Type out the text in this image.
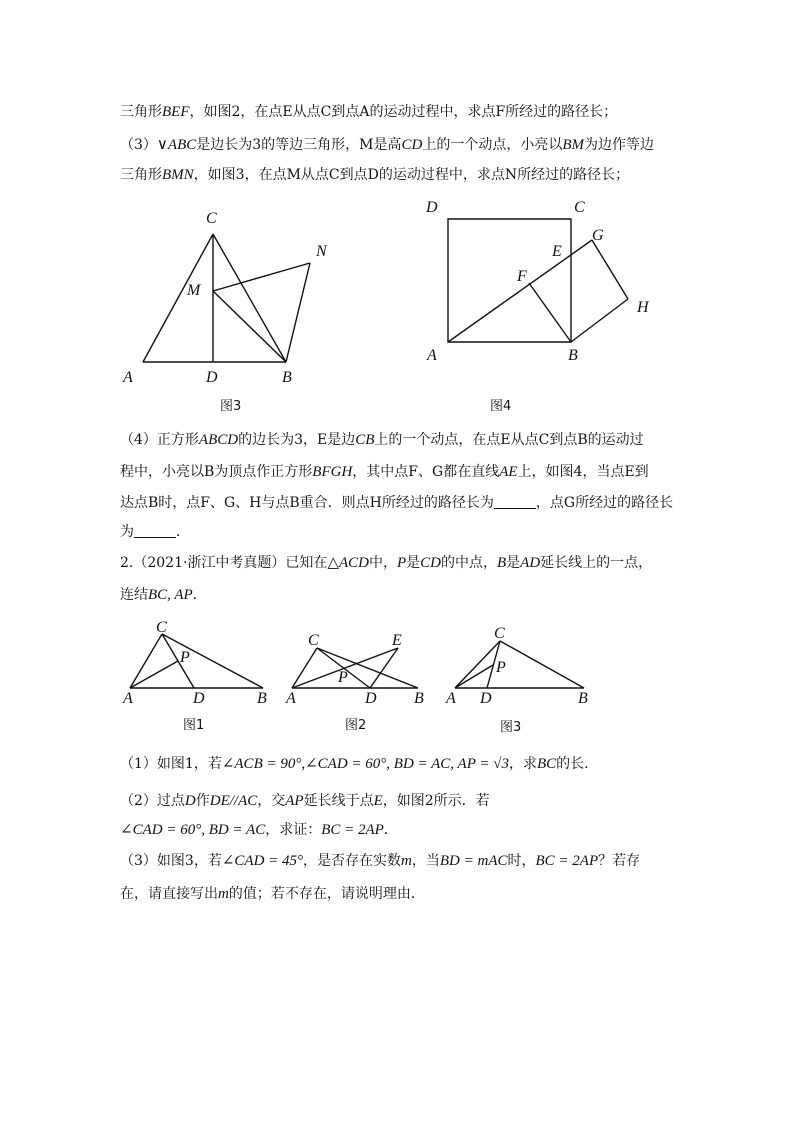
三角形BEF，如图2，在点E从点C到点A的运动过程中，求点F所经过的路径长；
（3）∨ABC是边长为3的等边三角形，M是高CD上的一个动点，小亮以BM为边作等边
三角形BMN，如图3，在点M从点C到点D的运动过程中，求点N所经过的路径长；
C
M
N
A	D	B
图3
D	C
G
E
F
H
A	B
图4
C
P
A	D	B
图1
C	E
P
A	D B
图2
C
P
A D	B
图3
（4）正方形ABCD的边长为3，E是边CB上的一个动点，在点E从点C到点B的运动过
程中，小亮以B为顶点作正方形BFGH，其中点F、G都在直线AE上，如图4，当点E到
达点B时，点F、G、H与点B重合．则点H所经过的路径长为	，点G所经过的路径长
为	．
2.（2021·浙江中考真题）已知在△ACD中，P是CD的中点，B是AD延长线上的一点，
连结BC, AP．
（1）如图1，若∠ACB = 90°,∠CAD = 60°, BD = AC, AP = √3，求BC的长．
（2）过点D作DE//AC，交AP延长线于点E，如图2所示．若
∠CAD = 60°, BD = AC，求证：BC = 2AP．
（3）如图3，若∠CAD = 45°，是否存在实数m，当BD = mAC时，BC = 2AP？若存
在，请直接写出m的值；若不存在，请说明理由．
